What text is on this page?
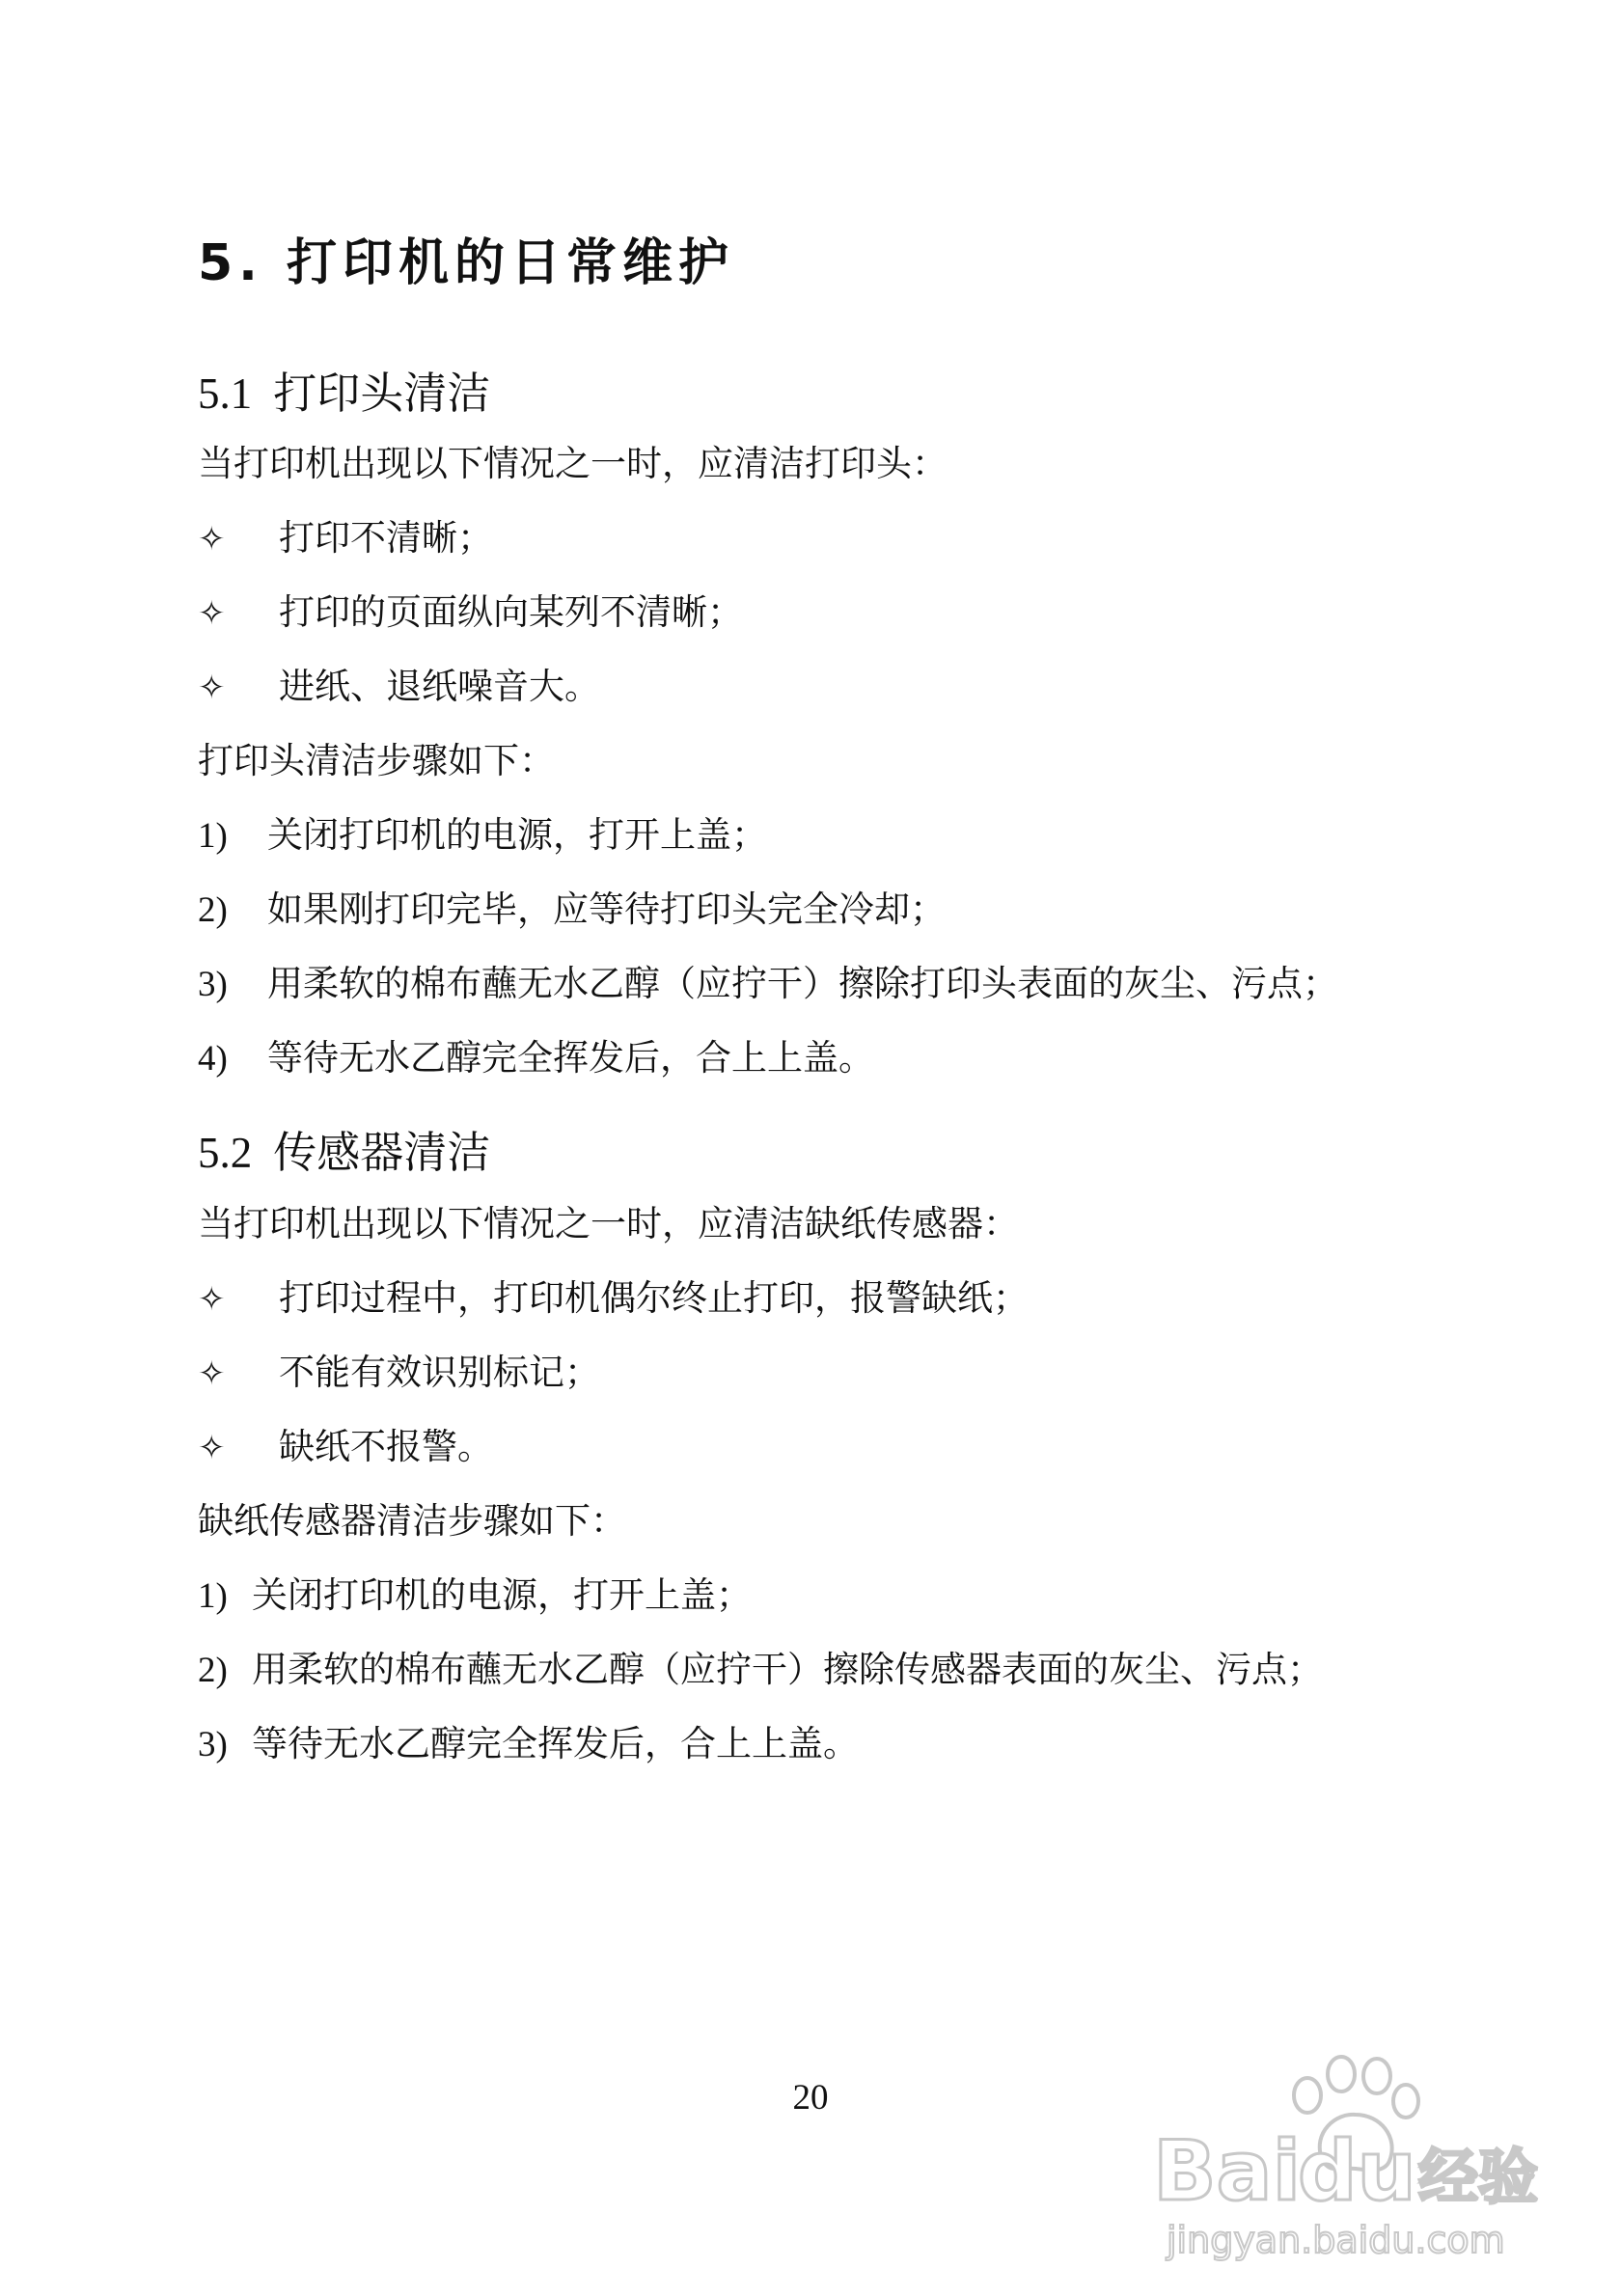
5. 打印机的日常维护
5.1 打印头清洁
当打印机出现以下情况之一时，应清洁打印头：
✧ 打印不清晰；
✧ 打印的页面纵向某列不清晰；
✧ 进纸、退纸噪音大。
打印头清洁步骤如下：
1) 关闭打印机的电源，打开上盖；
2) 如果刚打印完毕，应等待打印头完全冷却；
3) 用柔软的棉布蘸无水乙醇（应拧干）擦除打印头表面的灰尘、污点；
4) 等待无水乙醇完全挥发后，合上上盖。
5.2 传感器清洁
当打印机出现以下情况之一时，应清洁缺纸传感器：
✧ 打印过程中，打印机偶尔终止打印，报警缺纸；
✧ 不能有效识别标记；
✧ 缺纸不报警。
缺纸传感器清洁步骤如下：
1) 关闭打印机的电源，打开上盖；
2) 用柔软的棉布蘸无水乙醇（应拧干）擦除传感器表面的灰尘、污点；
3) 等待无水乙醇完全挥发后，合上上盖。
20
Bai
du 经验
jingyan.baidu.com
